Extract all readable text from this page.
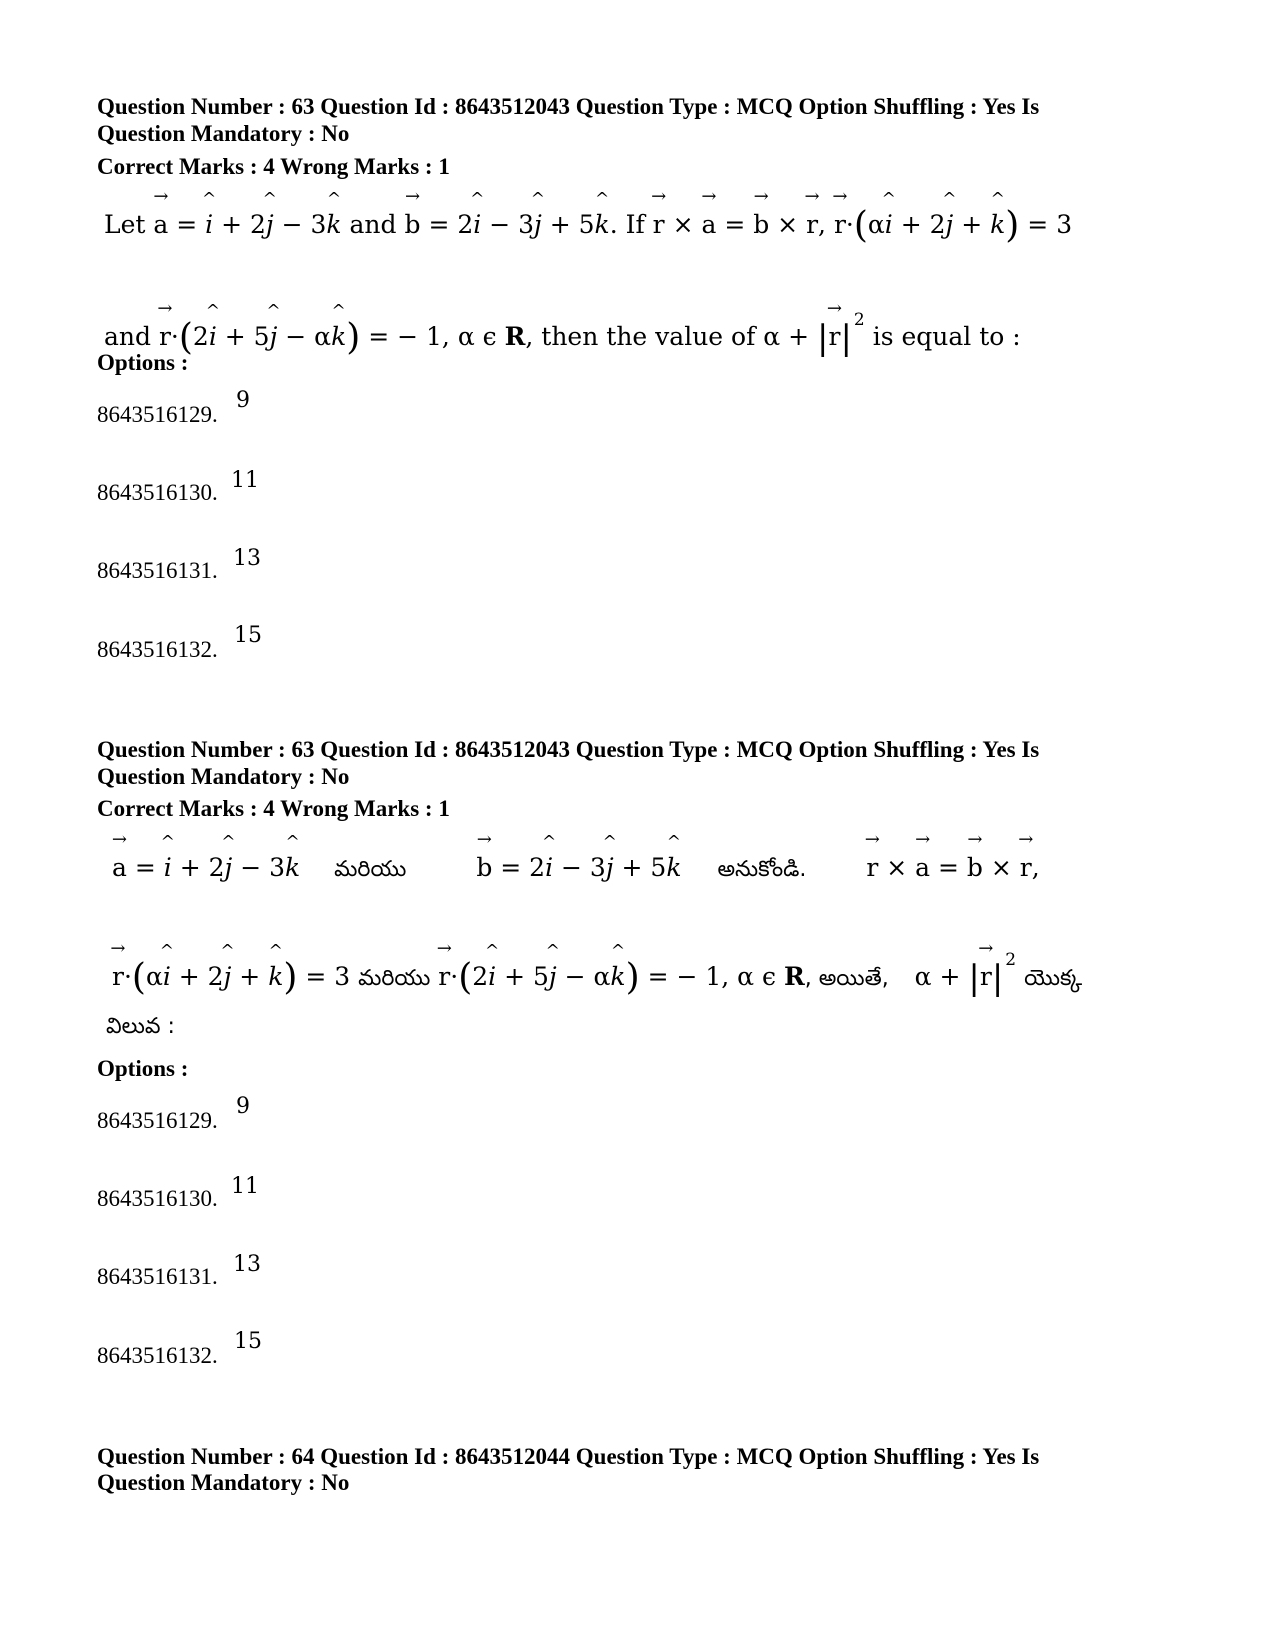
Question Number : 63 Question Id : 8643512043 Question Type : MCQ Option Shuffling : Yes Is
Question Mandatory : No
Correct Marks : 4 Wrong Marks : 1
Let
→
a =
^
i + 2
^
j − 3
^
k and
→
b = 2
^
i − 3
^
j + 5
^
k. If
→
r ×
→
a =
→
b ×
→
r,
→
r·(α
^
i + 2
^
j +
^
k) = 3
and
→
r·(2
^
i + 5
^
j − α
^
k) = − 1, α ϵ R, then the value of α + |
→
r| $^2$ is equal to :
Options :
8643516129.
9
8643516130. 11
8643516131. 13
8643516132.
15
Question Number : 63 Question Id : 8643512043 Question Type : MCQ Option Shuffling : Yes Is
Question Mandatory : No
Correct Marks : 4 Wrong Marks : 1
→
a =
^
i + 2
^
j − 3
^
k మరియు
→
b = 2
^
i − 3
^
j + 5
^
k అనుకోండి.
→
r ×
→
a =
→
b ×
→
r,
→
r·(α
^
i + 2
^
j +
^
k) = 3 మరియు
→
r·(2
^
i + 5
^
j − α
^
k) = − 1, α ϵ R, అయితే, α + |
→
r| $^2$ యొక్క
విలువ :
Options :
8643516129.
9
8643516130. 11
8643516131. 13
8643516132.
15
Question Number : 64 Question Id : 8643512044 Question Type : MCQ Option Shuffling : Yes Is
Question Mandatory : No
